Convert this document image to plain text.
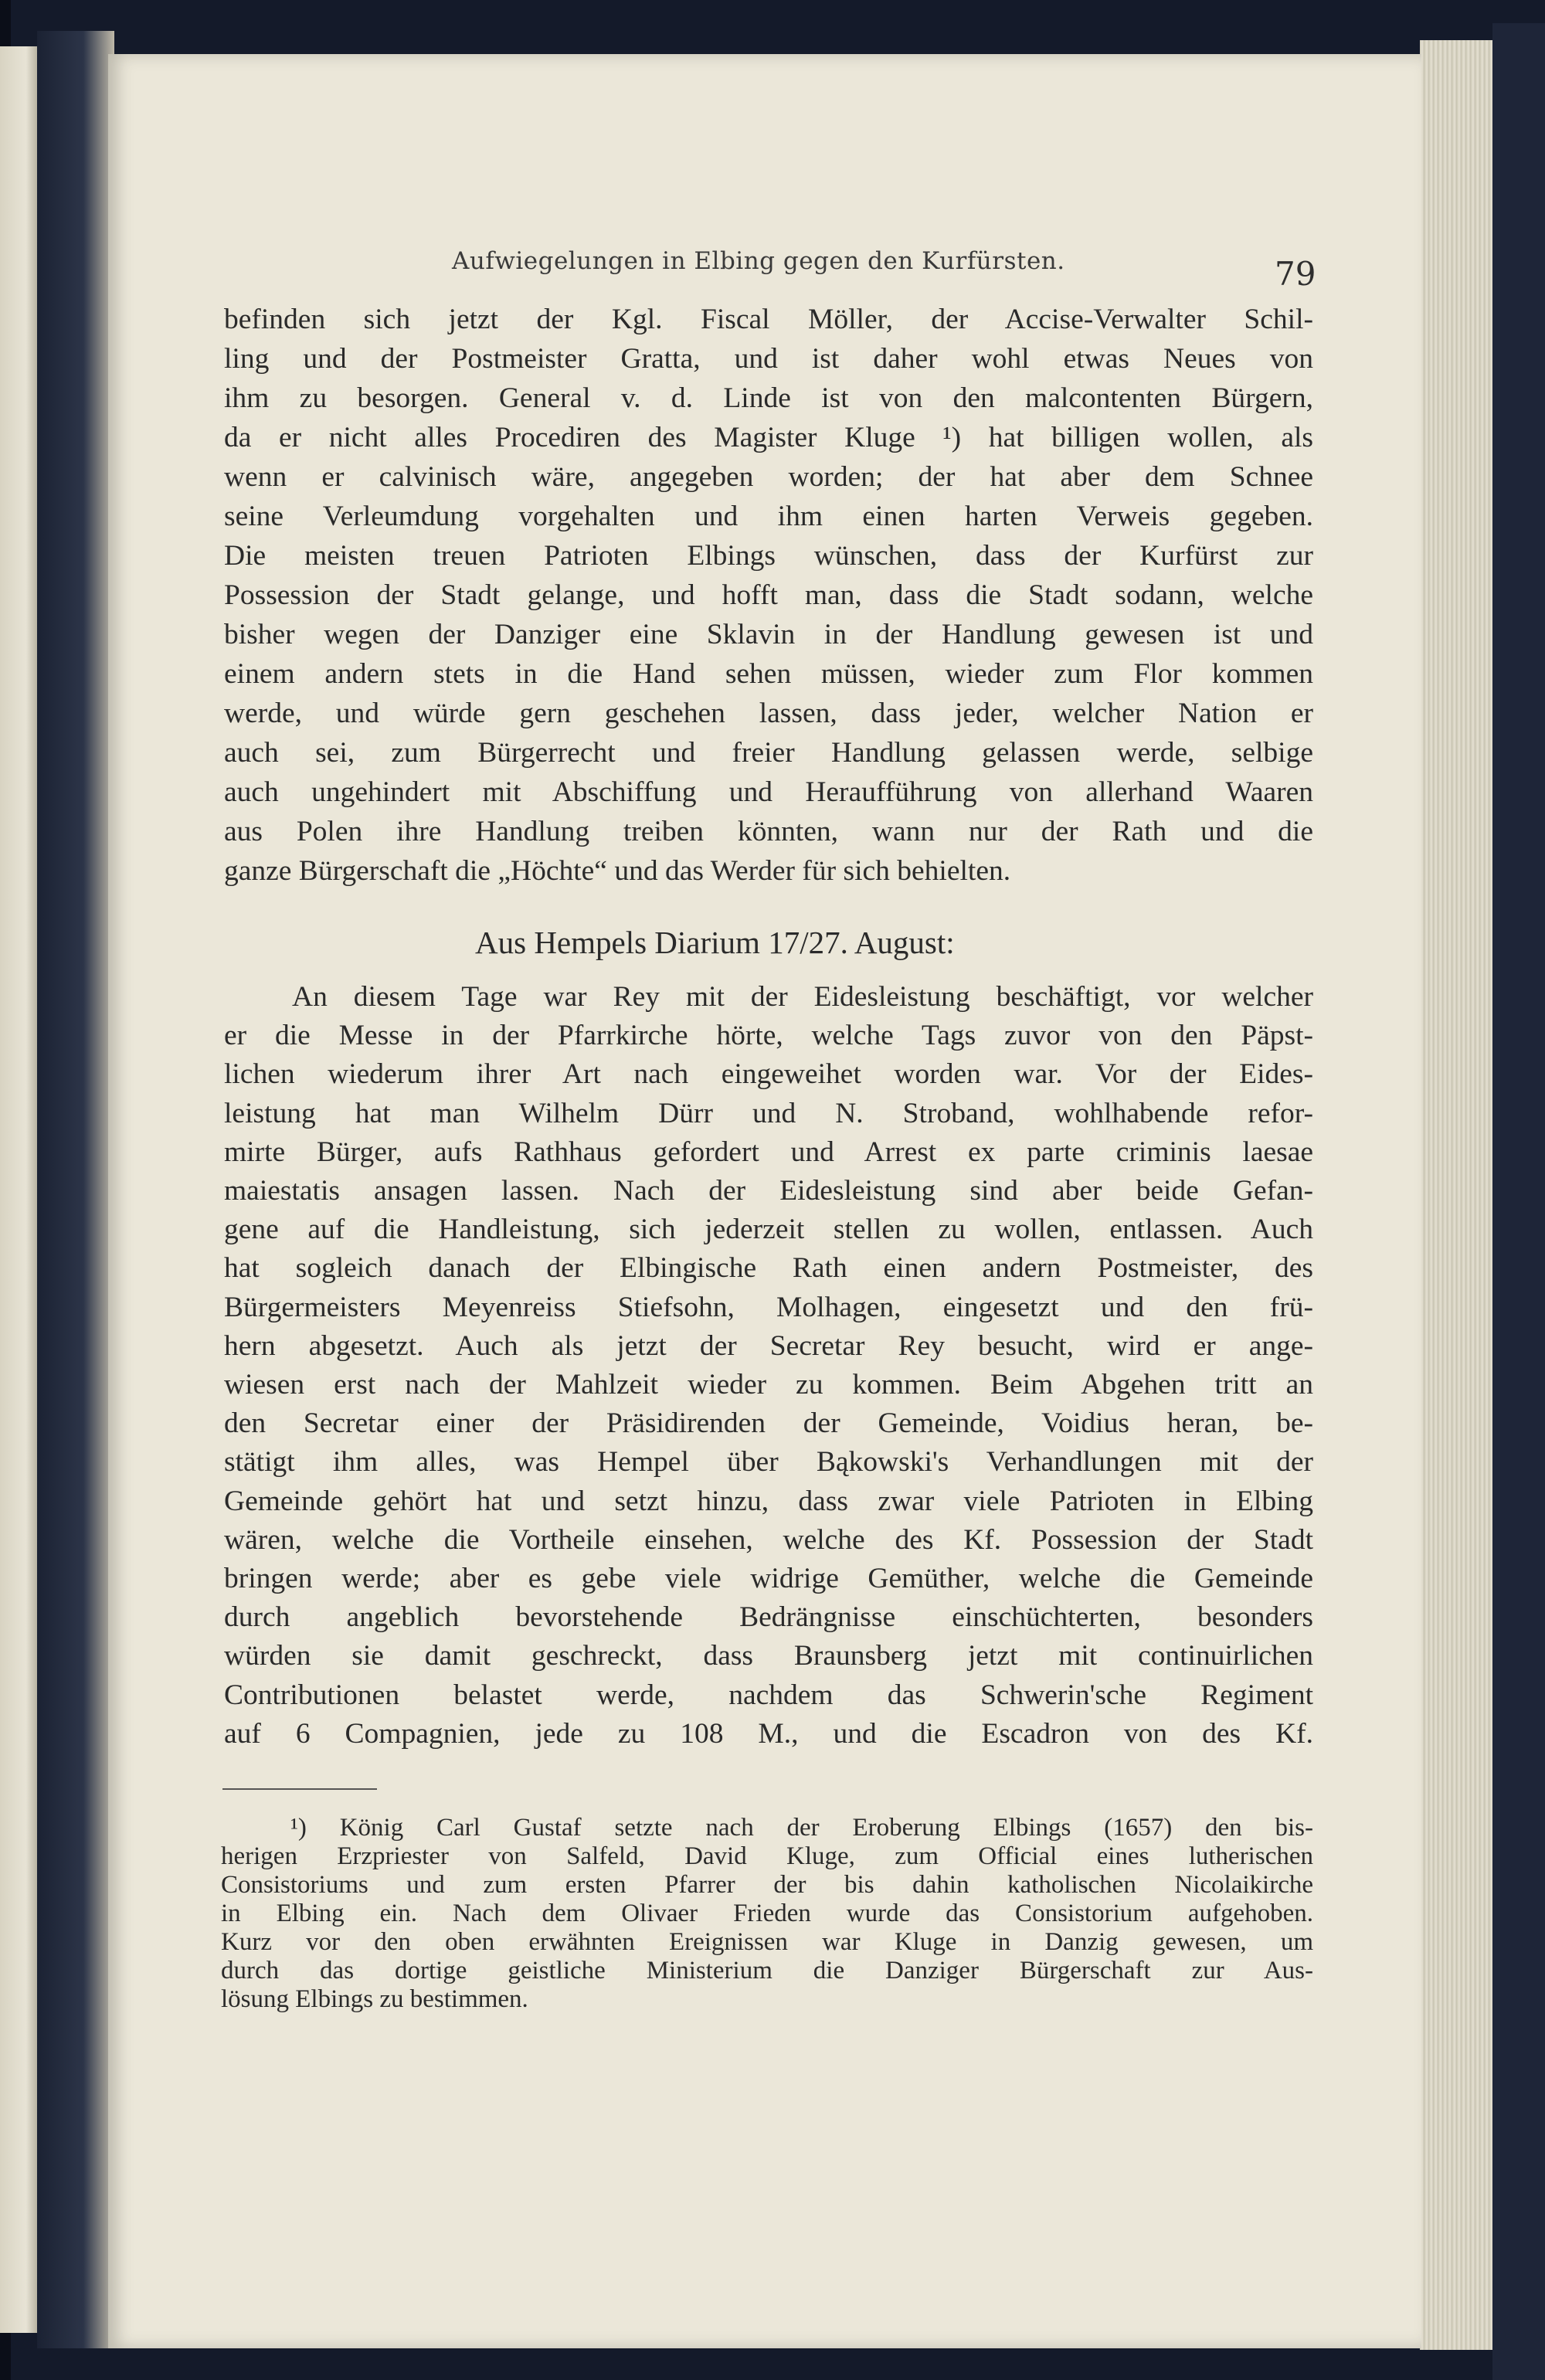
Aufwiegelungen in Elbing gegen den Kurfürsten.	79
befinden sich jetzt der Kgl. Fiscal Möller, der Accise-Verwalter Schil-
ling und der Postmeister Gratta, und ist daher wohl etwas Neues von
ihm zu besorgen. General v. d. Linde ist von den malcontenten Bürgern,
da er nicht alles Procediren des Magister Kluge ¹) hat billigen wollen, als
wenn er calvinisch wäre, angegeben worden; der hat aber dem Schnee
seine Verleumdung vorgehalten und ihm einen harten Verweis gegeben.
Die meisten treuen Patrioten Elbings wünschen, dass der Kurfürst zur
Possession der Stadt gelange, und hofft man, dass die Stadt sodann, welche
bisher wegen der Danziger eine Sklavin in der Handlung gewesen ist und
einem andern stets in die Hand sehen müssen, wieder zum Flor kommen
werde, und würde gern geschehen lassen, dass jeder, welcher Nation er
auch sei, zum Bürgerrecht und freier Handlung gelassen werde, selbige
auch ungehindert mit Abschiffung und Heraufführung von allerhand Waaren
aus Polen ihre Handlung treiben könnten, wann nur der Rath und die
ganze Bürgerschaft die „Höchte“ und das Werder für sich behielten.
Aus Hempels Diarium 17/27. August:
An diesem Tage war Rey mit der Eidesleistung beschäftigt, vor welcher
er die Messe in der Pfarrkirche hörte, welche Tags zuvor von den Päpst-
lichen wiederum ihrer Art nach eingeweihet worden war. Vor der Eides-
leistung hat man Wilhelm Dürr und N. Stroband, wohlhabende refor-
mirte Bürger, aufs Rathhaus gefordert und Arrest ex parte criminis laesae
maiestatis ansagen lassen. Nach der Eidesleistung sind aber beide Gefan-
gene auf die Handleistung, sich jederzeit stellen zu wollen, entlassen. Auch
hat sogleich danach der Elbingische Rath einen andern Postmeister, des
Bürgermeisters Meyenreiss Stiefsohn, Molhagen, eingesetzt und den frü-
hern abgesetzt. Auch als jetzt der Secretar Rey besucht, wird er ange-
wiesen erst nach der Mahlzeit wieder zu kommen. Beim Abgehen tritt an
den Secretar einer der Präsidirenden der Gemeinde, Voidius heran, be-
stätigt ihm alles, was Hempel über Bąkowski's Verhandlungen mit der
Gemeinde gehört hat und setzt hinzu, dass zwar viele Patrioten in Elbing
wären, welche die Vortheile einsehen, welche des Kf. Possession der Stadt
bringen werde; aber es gebe viele widrige Gemüther, welche die Gemeinde
durch angeblich bevorstehende Bedrängnisse einschüchterten, besonders
würden sie damit geschreckt, dass Braunsberg jetzt mit continuirlichen
Contributionen belastet werde, nachdem das Schwerin'sche Regiment
auf 6 Compagnien, jede zu 108 M., und die Escadron von des Kf.
¹) König Carl Gustaf setzte nach der Eroberung Elbings (1657) den bis-
herigen Erzpriester von Salfeld, David Kluge, zum Official eines lutherischen
Consistoriums und zum ersten Pfarrer der bis dahin katholischen Nicolaikirche
in Elbing ein. Nach dem Olivaer Frieden wurde das Consistorium aufgehoben.
Kurz vor den oben erwähnten Ereignissen war Kluge in Danzig gewesen, um
durch das dortige geistliche Ministerium die Danziger Bürgerschaft zur Aus-
lösung Elbings zu bestimmen.
